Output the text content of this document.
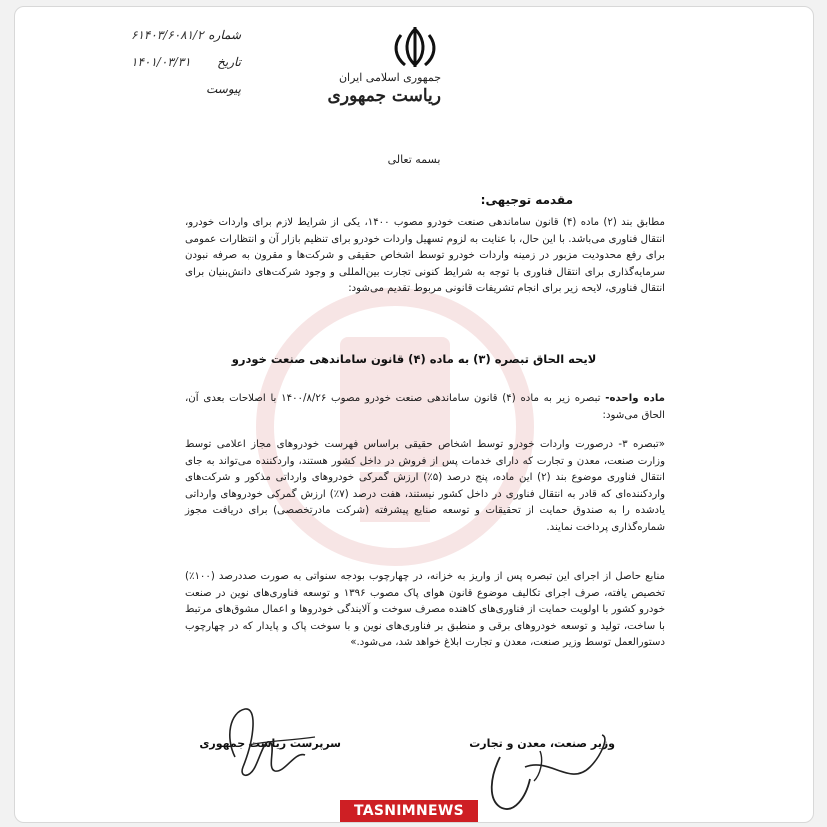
جمهوری اسلامی ایران
ریاست جمهوری
شماره
۶۱۴۰۳/۶۰۸۱/۲
تاریخ
۱۴۰۱/۰۳/۳۱
پیوست
بسمه تعالی
مقدمه توجیهی:

مطابق بند (۲) ماده (۴) قانون ساماندهی صنعت خودرو مصوب ۱۴۰۰، یکی از شرایط لازم برای واردات خودرو، انتقال فناوری می‌باشد. با این حال، با عنایت به لزوم تسهیل واردات خودرو برای تنظیم بازار آن و انتظارات عمومی برای رفع محدودیت مزبور در زمینه واردات خودرو توسط اشخاص حقیقی و شرکت‌ها و مقرون به صرفه نبودن سرمایه‌گذاری برای انتقال فناوری با توجه به شرایط کنونی تجارت بین‌المللی و وجود شرکت‌های دانش‌بنیان برای انتقال فناوری، لایحه زیر برای انجام تشریفات قانونی مربوط تقدیم می‌شود:

لایحه الحاق تبصره (۳) به ماده (۴) قانون ساماندهی صنعت خودرو

ماده واحده- تبصره زیر به ماده (۴) قانون ساماندهی صنعت خودرو مصوب ۱۴۰۰/۸/۲۶ با اصلاحات بعدی آن، الحاق می‌شود:

«تبصره ۳- درصورت واردات خودرو توسط اشخاص حقیقی براساس فهرست خودروهای مجاز اعلامی توسط وزارت صنعت، معدن و تجارت که دارای خدمات پس از فروش در داخل کشور هستند، واردکننده می‌تواند به جای انتقال فناوری موضوع بند (۲) این ماده، پنج درصد (۵٪) ارزش گمرکی خودروهای وارداتی مذکور و شرکت‌های واردکننده‌ای که قادر به انتقال فناوری در داخل کشور نیستند، هفت درصد (۷٪) ارزش گمرکی خودروهای وارداتی یادشده را به صندوق حمایت از تحقیقات و توسعه صنایع پیشرفته (شرکت مادرتخصصی) برای دریافت مجوز شماره‌گذاری پرداخت نمایند.

منابع حاصل از اجرای این تبصره پس از واریز به خزانه، در چهارچوب بودجه سنواتی به صورت صددرصد (۱۰۰٪) تخصیص یافته، صرف اجرای تکالیف موضوع قانون هوای پاک مصوب ۱۳۹۶ و توسعه فناوری‌های نوین در صنعت خودرو کشور با اولویت حمایت از فناوری‌های کاهنده مصرف سوخت و آلایندگی خودروها و اعمال مشوق‌های مرتبط با ساخت، تولید و توسعه خودروهای برقی و منطبق بر فناوری‌های نوین و با سوخت پاک و پایدار که در چهارچوب دستورالعمل توسط وزیر صنعت، معدن و تجارت ابلاغ خواهد شد، می‌شود.»

وزیر صنعت، معدن و تجارت
سرپرست ریاست جمهوری
TASNIMNEWS
